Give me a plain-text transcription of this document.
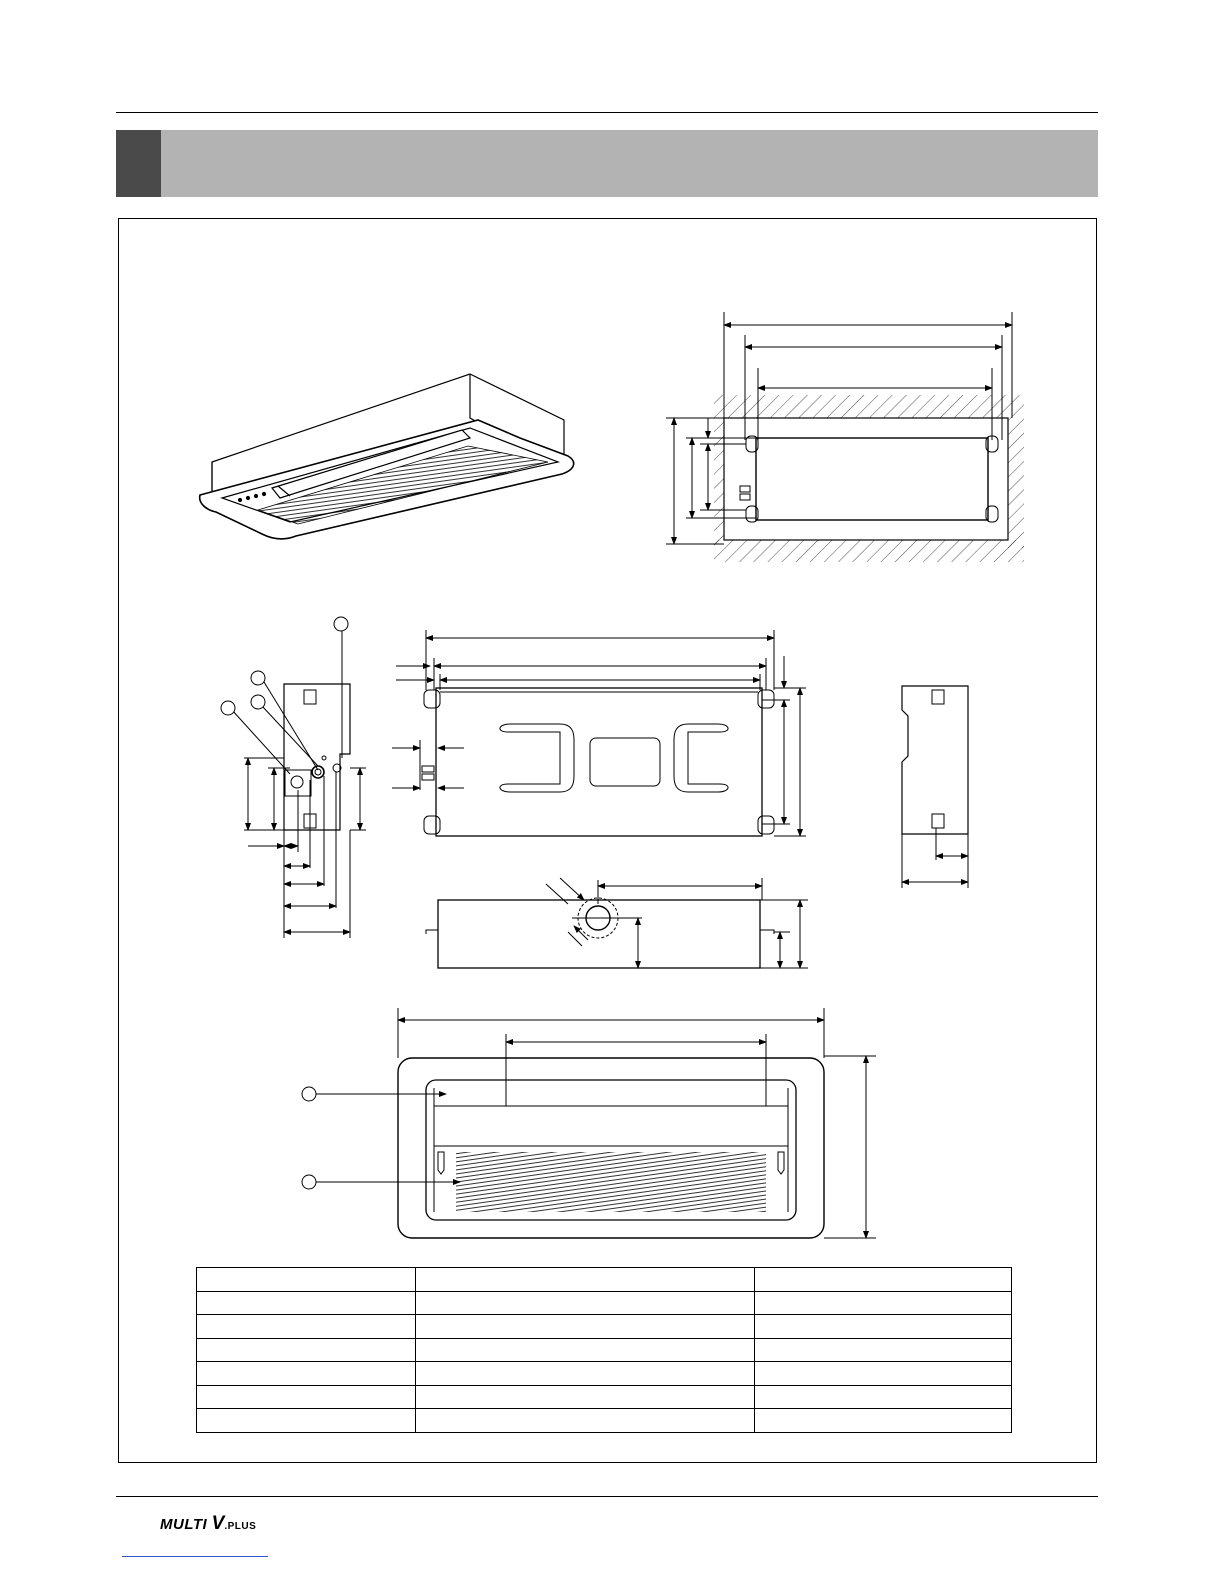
MULTI V.PLUS
